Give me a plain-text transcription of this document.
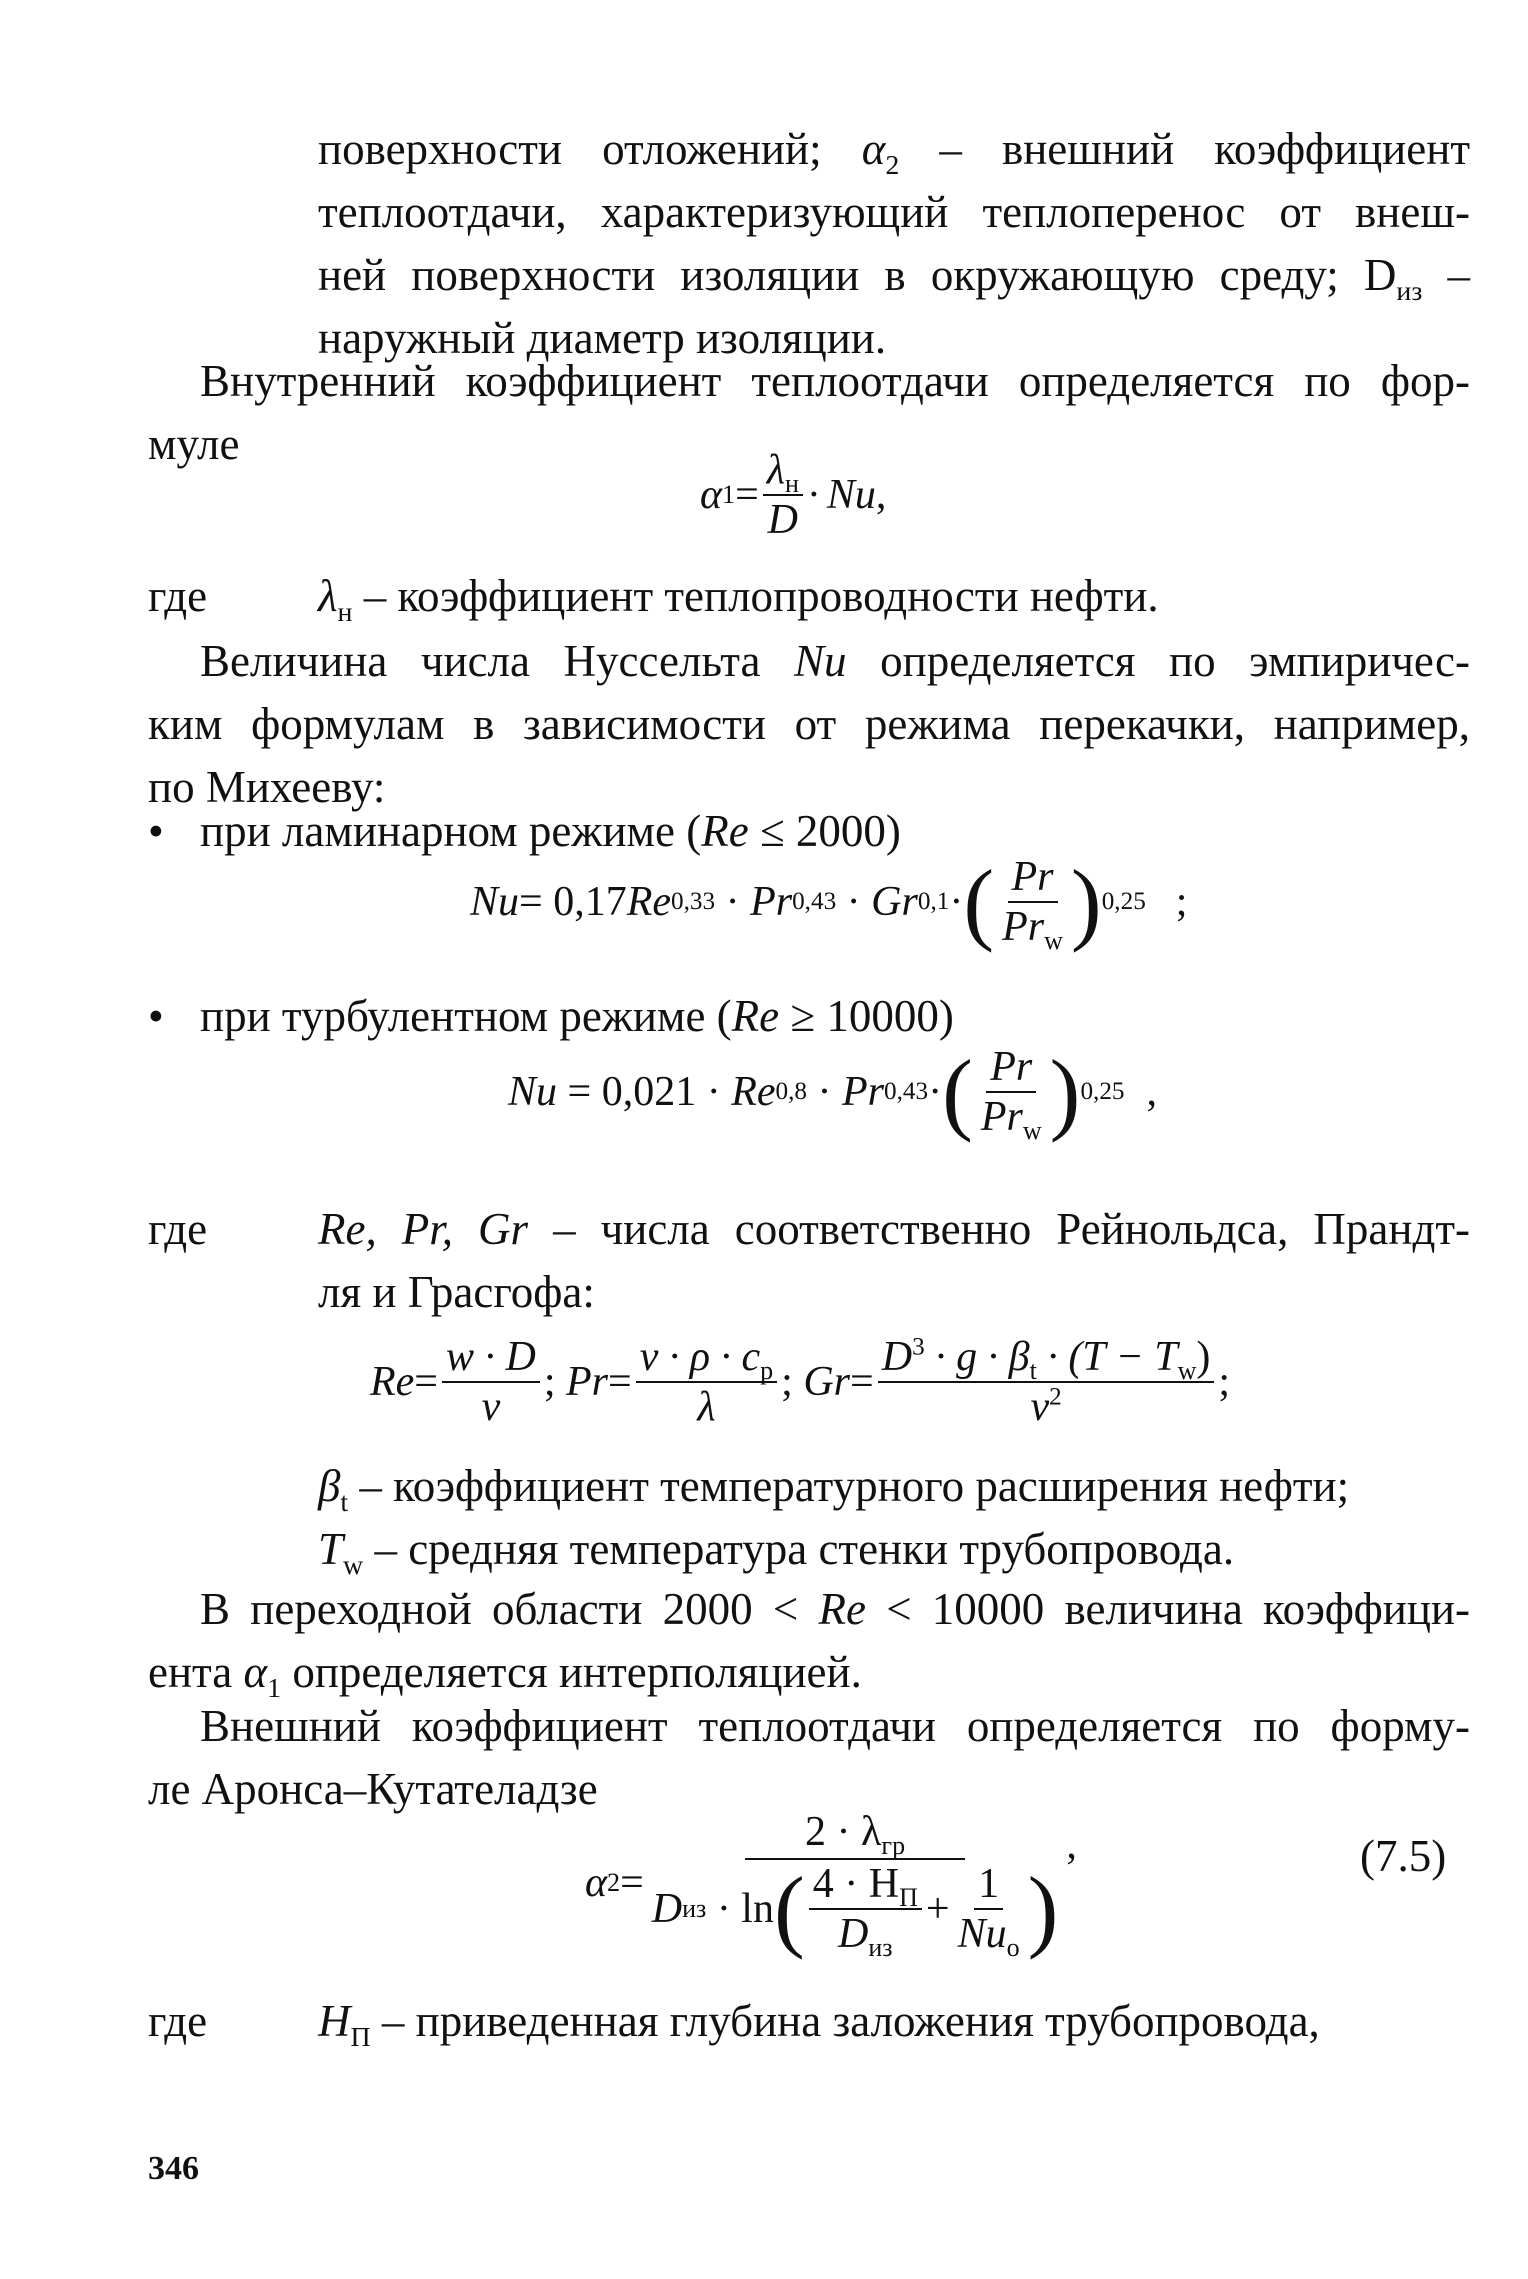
поверхности отложений; $\alpha_2$ – внешний коэффициент
теплоотдачи, характеризующий теплоперенос от внеш-
ней поверхности изоляции в окружающую среду; $D_{из}$ –
наружный диаметр изоляции.
Внутренний коэффициент теплоотдачи определяется по фор-
муле
α $1 = \frac{\lambda_н}{D} \cdot Nu$ ,
где $\lambda_н$ – коэффициент теплопроводности нефти.
Величина числа Нуссельта Nu определяется по эмпиричес-
ким формулам в зависимости от режима перекачки, например,
по Михееву:
• при ламинарном режиме (Re ≤ 2000)
Nu = 0,17 Re 0,33 · Pr 0,43 · Gr 0,1 · ( $\frac{Pr}{Pr_w}$ ) 0,25 ;
• при турбулентном режиме (Re ≥ 10000)
Nu = 0,021 · Re 0,8 · Pr 0,43 · ( $\frac{Pr}{Pr_w}$ ) 0,25 ,
где Re, Pr, Gr – числа соответственно Рейнольдса, Прандт-
ля и Грасгофа:
$Re = \frac{w \cdot D}{\nu}$ ; $Pr = \frac{\nu \cdot \rho \cdot c_p}{\lambda}$ ; $Gr = \frac{D^3 \cdot g \cdot \beta_t \cdot (T - T_w)}{\nu^2}$ ;
$\beta_t$ – коэффициент температурного расширения нефти;
$T_w$ – средняя температура стенки трубопровода.
В переходной области 2000 < Re < 10000 величина коэффици-
ента $\alpha_1$ определяется интерполяцией.
Внешний коэффициент теплоотдачи определяется по форму-
ле Аронса–Кутателадзе
α 2 =
$2 \cdot \lambda_{гр}$
D из · ln ( $\frac{4 \cdot H_П}{D_{из}} + \frac{1}{Nu_о}$ )
,	(7.5)
где $H_П$ – приведенная глубина заложения трубопровода,
346
